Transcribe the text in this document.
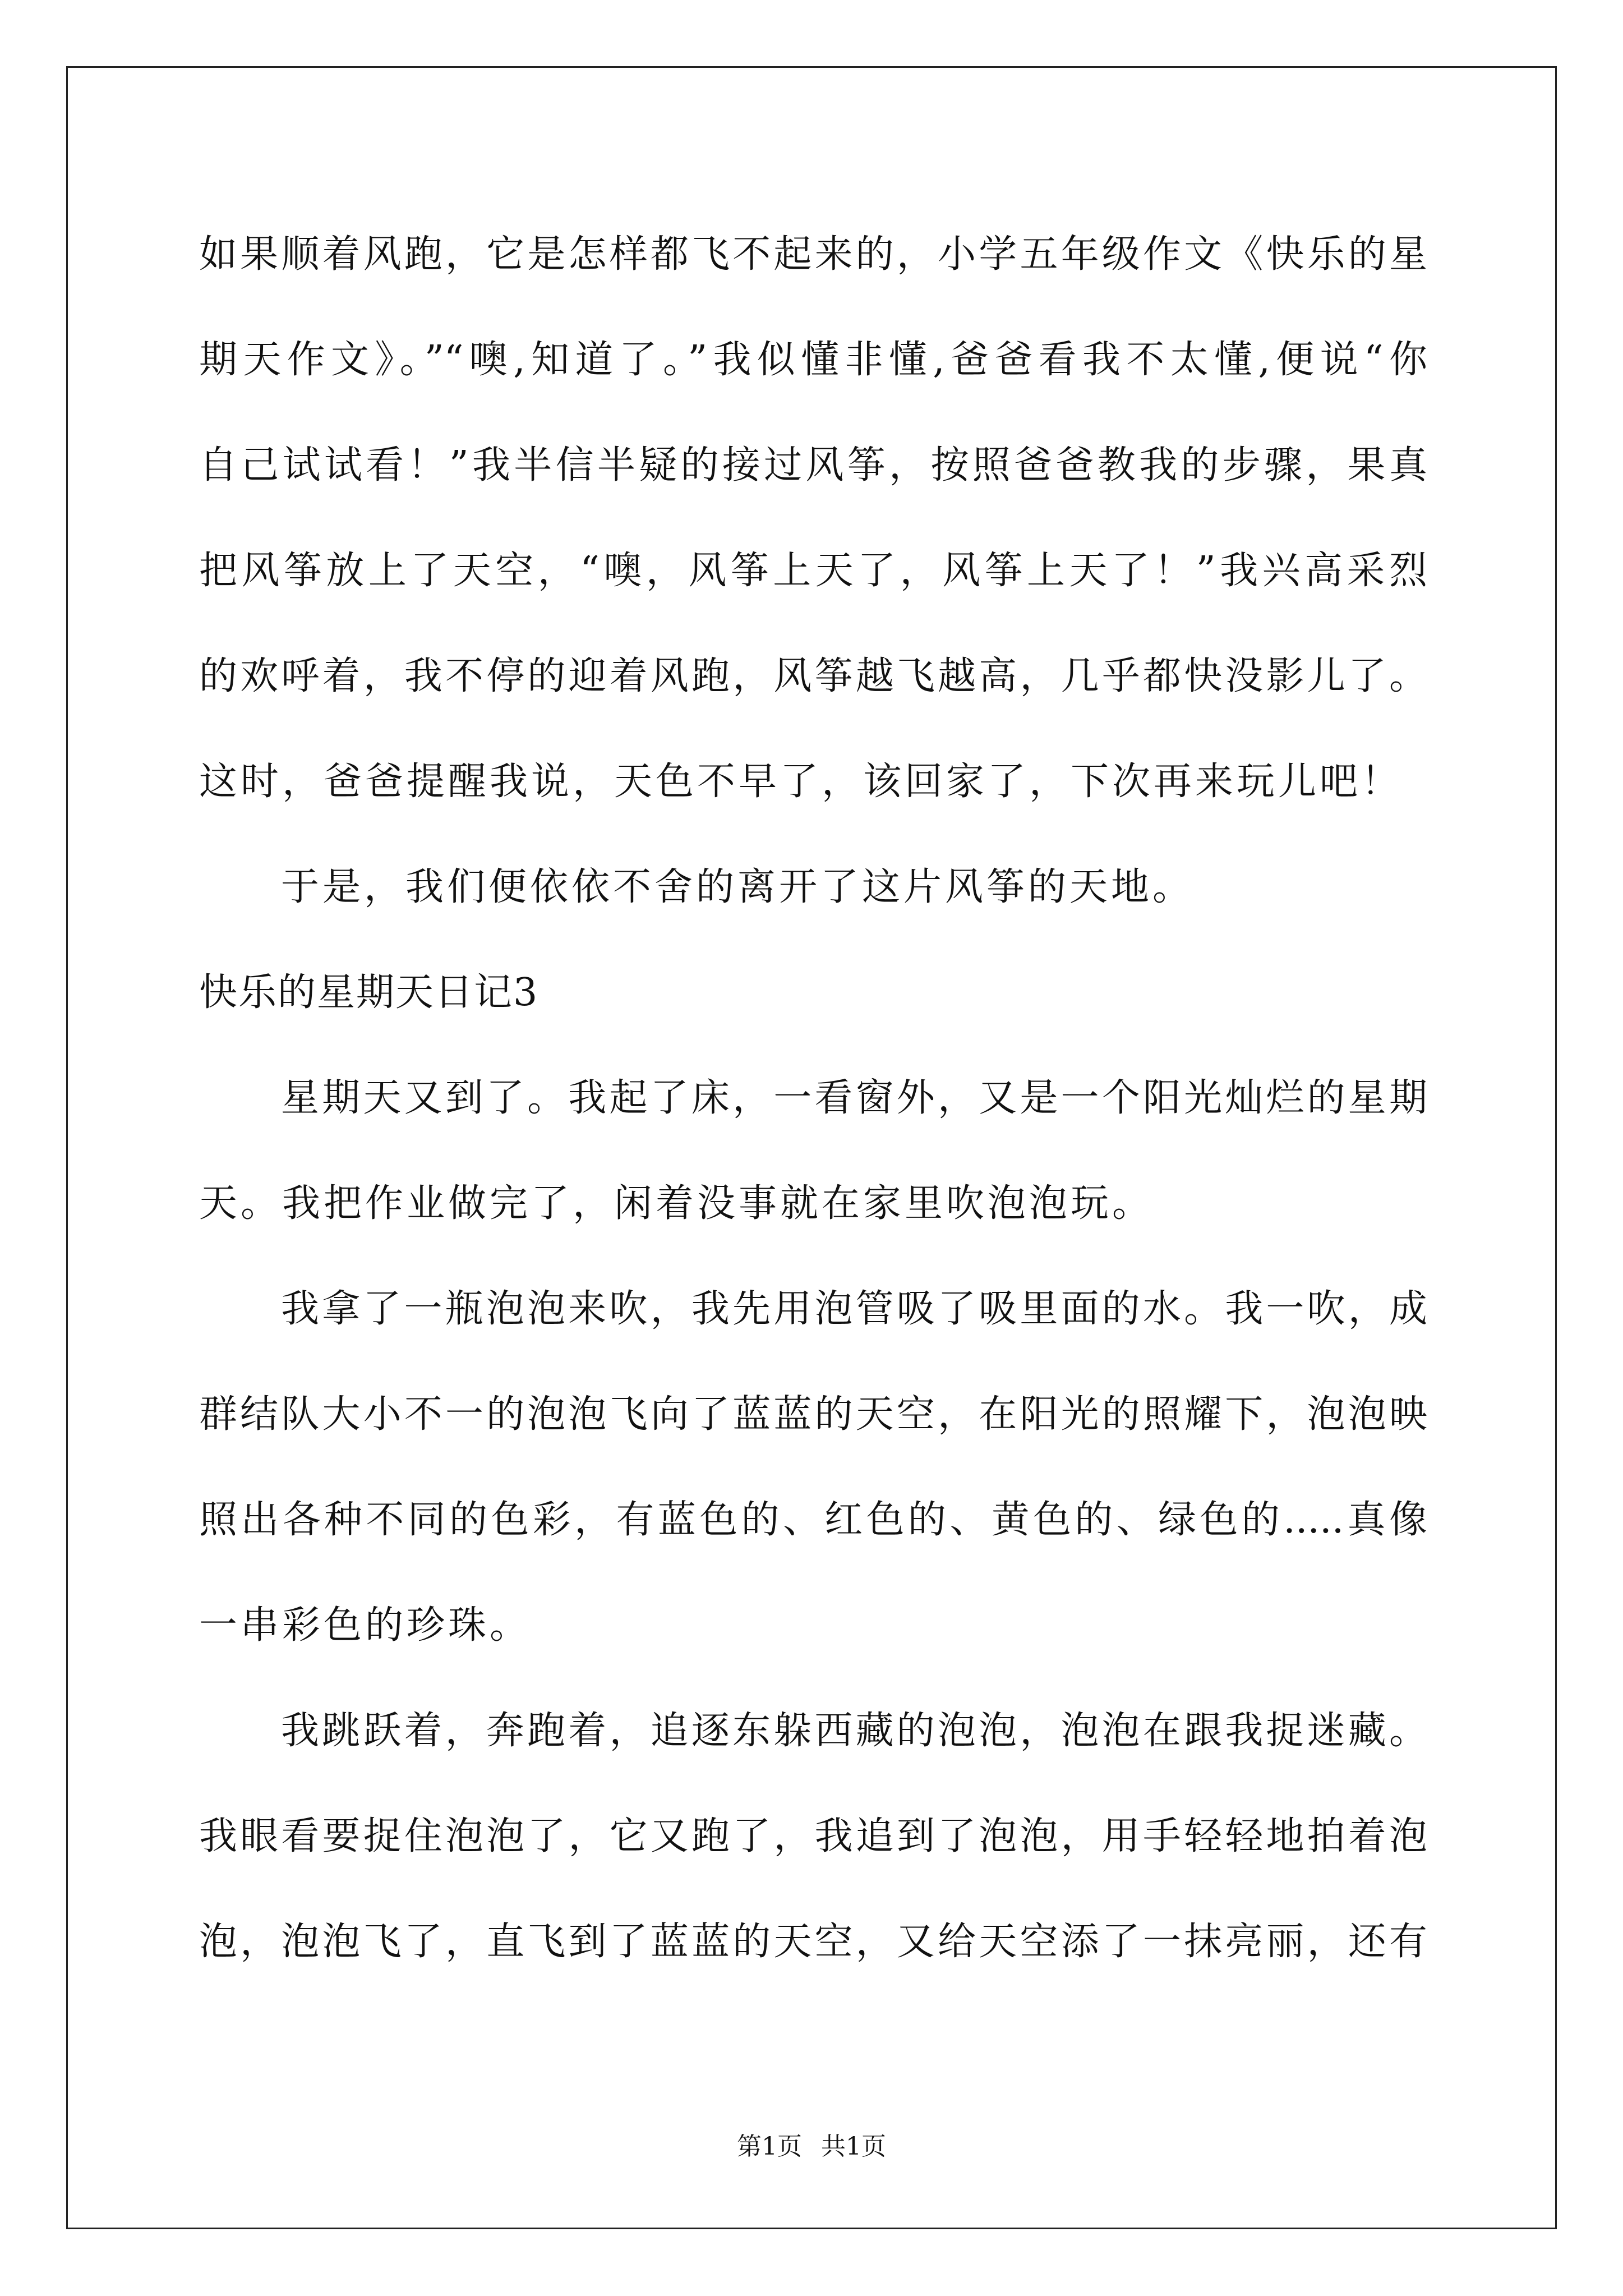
如果顺着风跑，它是怎样都飞不起来的，小学五年级作文《快乐的星
期天作文》。”“噢,知道了。”我似懂非懂,爸爸看我不太懂,便说“你
自己试试看！”我半信半疑的接过风筝，按照爸爸教我的步骤，果真
把风筝放上了天空，“噢，风筝上天了，风筝上天了！”我兴高采烈
的欢呼着，我不停的迎着风跑，风筝越飞越高，几乎都快没影儿了。
这时，爸爸提醒我说，天色不早了，该回家了，下次再来玩儿吧！
于是，我们便依依不舍的离开了这片风筝的天地。
快乐的星期天日记3
星期天又到了。我起了床，一看窗外，又是一个阳光灿烂的星期
天。我把作业做完了，闲着没事就在家里吹泡泡玩。
我拿了一瓶泡泡来吹，我先用泡管吸了吸里面的水。我一吹，成
群结队大小不一的泡泡飞向了蓝蓝的天空，在阳光的照耀下，泡泡映
照出各种不同的色彩，有蓝色的、红色的、黄色的、绿色的.....真像
一串彩色的珍珠。
我跳跃着，奔跑着，追逐东躲西藏的泡泡，泡泡在跟我捉迷藏。
我眼看要捉住泡泡了，它又跑了，我追到了泡泡，用手轻轻地拍着泡
泡，泡泡飞了，直飞到了蓝蓝的天空，又给天空添了一抹亮丽，还有
第1页 共1页
